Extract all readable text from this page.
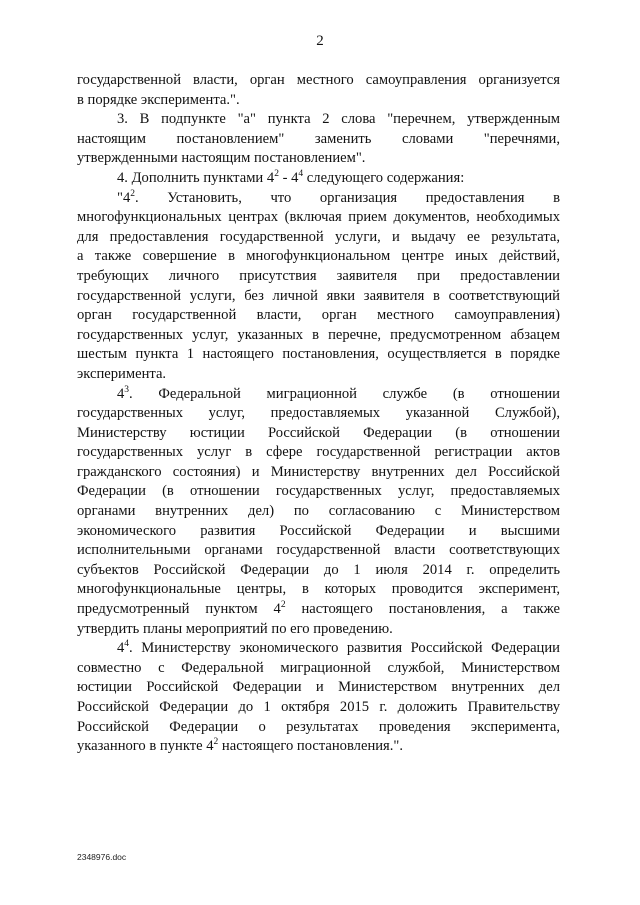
2
государственной власти, орган местного самоуправления организуется
в порядке эксперимента.".
3. В подпункте "а" пункта 2 слова "перечнем, утвержденным
настоящим постановлением" заменить словами "перечнями,
утвержденными настоящим постановлением".
4. Дополнить пунктами $4^2 - 4^4$ следующего содержания:
"$4^2$. Установить, что организация предоставления в
многофункциональных центрах (включая прием документов, необходимых
для предоставления государственной услуги, и выдачу ее результата,
а также совершение в многофункциональном центре иных действий,
требующих личного присутствия заявителя при предоставлении
государственной услуги, без личной явки заявителя в соответствующий
орган государственной власти, орган местного самоуправления)
государственных услуг, указанных в перечне, предусмотренном абзацем
шестым пункта 1 настоящего постановления, осуществляется в порядке
эксперимента.
$4^3$. Федеральной миграционной службе (в отношении
государственных услуг, предоставляемых указанной Службой),
Министерству юстиции Российской Федерации (в отношении
государственных услуг в сфере государственной регистрации актов
гражданского состояния) и Министерству внутренних дел Российской
Федерации (в отношении государственных услуг, предоставляемых
органами внутренних дел) по согласованию с Министерством
экономического развития Российской Федерации и высшими
исполнительными органами государственной власти соответствующих
субъектов Российской Федерации до 1 июля 2014 г. определить
многофункциональные центры, в которых проводится эксперимент,
предусмотренный пунктом $4^2$ настоящего постановления, а также
утвердить планы мероприятий по его проведению.
$4^4$. Министерству экономического развития Российской Федерации
совместно с Федеральной миграционной службой, Министерством
юстиции Российской Федерации и Министерством внутренних дел
Российской Федерации до 1 октября 2015 г. доложить Правительству
Российской Федерации о результатах проведения эксперимента,
указанного в пункте $4^2$ настоящего постановления.".
2348976.doc
